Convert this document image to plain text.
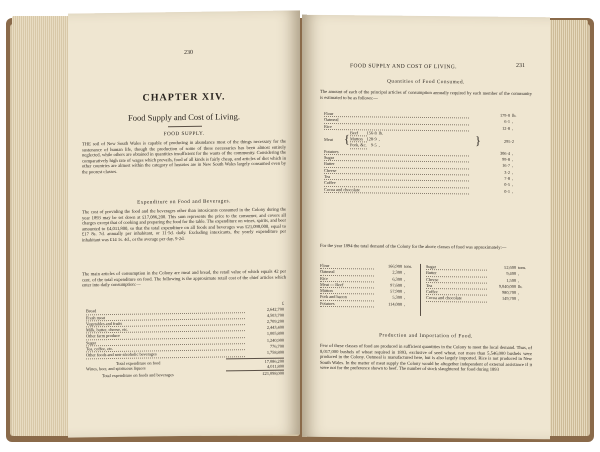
230
CHAPTER XIV.
Food Supply and Cost of Living.
FOOD SUPPLY.
THE soil of New South Wales is capable of producing in abundance most of the things necessary for the sustenance of human life, though the production of some of these necessaries has been almost entirely neglected, while others are obtained in quantities insufficient for the wants of the community. Considering the comparatively high rate of wages which prevails, food of all kinds is fairly cheap, and articles of diet which in other countries are almost within the category of luxuries are in New South Wales largely consumed even by the poorest classes.
Expenditure on Food and Beverages.
The cost of providing the food and the beverages other than intoxicants consumed in the Colony during the year 1893 may be set down at £17,086,200. This sum represents the price to the consumer, and covers all charges except that of cooking and preparing the food for the table. The expenditure on wines, spirits, and beer amounted to £4,011,800, so that the total expenditure on all foods and beverages was £21,098,000, equal to £17 8s. 7d. annually per inhabitant, or 11·5d. daily. Excluding intoxicants, the yearly expenditure per inhabitant was £14 1s. 4d., or the average per day, 9·2d.
The main articles of consumption in the Colony are meat and bread, the retail value of which equals 42 per cent. of the total expenditure on food. The following is the approximate retail cost of the chief articles which enter into daily consumption:—
	£
Bread	2,642,700
Fresh meat	4,503,700
Vegetables and fruits	2,709,200
Milk, butter, cheese, etc.	2,443,400
Other farm produce	1,005,800
Sugar	1,240,900
Tea, coffee, etc.	776,700
Other foods and non-alcoholic beverages	1,758,800

Total expenditure on food	17,086,200
Wines, beer, and spirituous liquors	4,011,800

Total expenditure on foods and beverages	£21,098,000
FOOD SUPPLY AND COST OF LIVING.	231
Quantities of Food Consumed.
The amount of each of the principal articles of consumption annually required by each member of the community is estimated to be as follows:—
Flour	179·0	lb.
Oatmeal	6·1	,
Rice	12·8	,

Meat	{	Beef	156·8	lb.
Mutton	128·9	,
Pork, &c.	9·5	,
		}	295·2	

Potatoes	306·4	,
Sugar	99·8	,
Butter	16·7	,
Cheese	3·2	,
Tea	7·8	,
Coffee	0·5	,
Cocoa and chocolate	0·1	,
For the year 1894 the total demand of the Colony for the above classes of food was approximately:—
Flour	166,900	tons.
Oatmeal	2,300	,
Rice	6,300	,
Meat — Beef	97,600	,
Mutton	57,900	,
Pork and bacon	5,300	,
Potatoes	114,000	,
Sugar	52,600	tons.
Butter	9,400	,
Cheese	1,500	,
Tea	9,040,000	lb.
Coffee	980,700	,
Cocoa and chocolate	149,700	,
Production and Importation of Food.
Few of these classes of food are produced in sufficient quantities in the Colony to meet the local demand. Thus, of 8,017,000 bushels of wheat required in 1893, exclusive of seed wheat, not more than 5,546,000 bushels were produced in the Colony. Oatmeal is manufactured here, but is also largely imported. Rice is not produced in New South Wales. In the matter of meat supply the Colony would be altogether independent of external assistance if it were not for the preference shown to beef. The number of stock slaughtered for food during 1893
